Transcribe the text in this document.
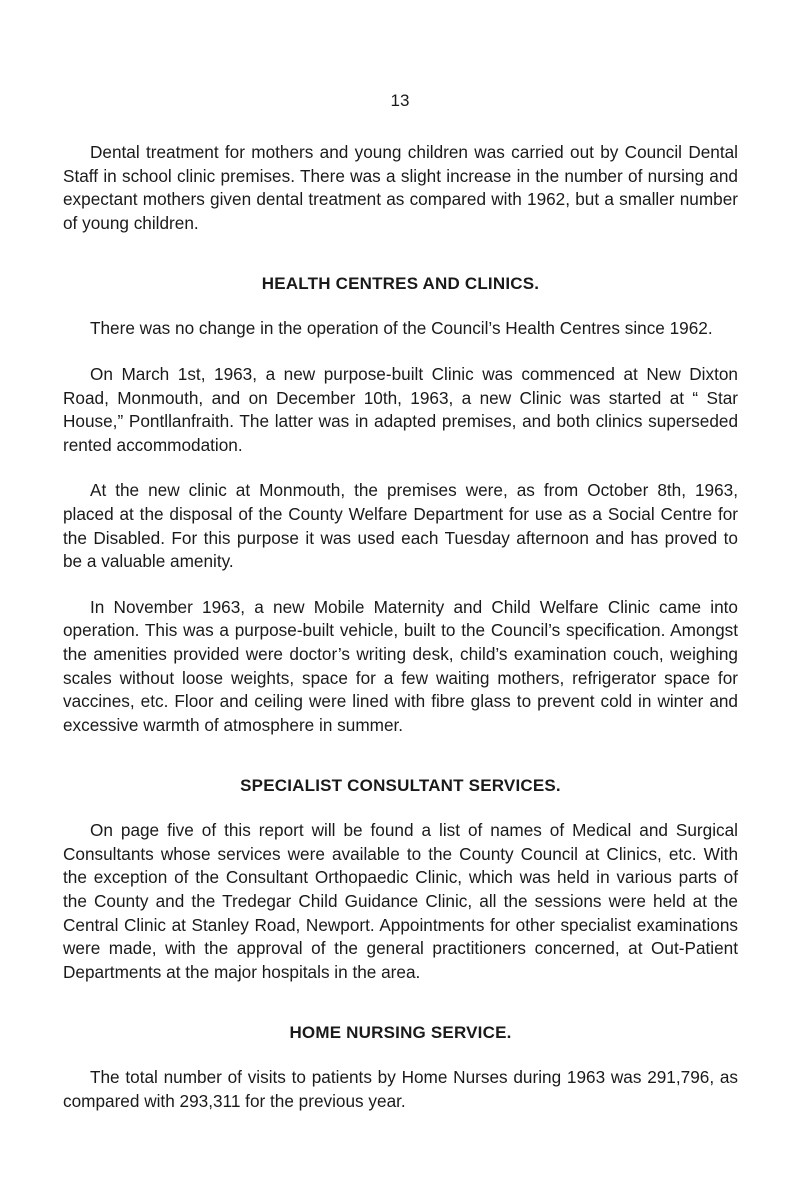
13

Dental treatment for mothers and young children was carried out by Council Dental Staff in school clinic premises. There was a slight increase in the number of nursing and expectant mothers given dental treatment as compared with 1962, but a smaller number of young children.

HEALTH CENTRES AND CLINICS.

There was no change in the operation of the Council’s Health Centres since 1962.

On March 1st, 1963, a new purpose-built Clinic was commenced at New Dixton Road, Monmouth, and on December 10th, 1963, a new Clinic was started at “ Star House,” Pontllanfraith. The latter was in adapted premises, and both clinics superseded rented accommodation.

At the new clinic at Monmouth, the premises were, as from October 8th, 1963, placed at the disposal of the County Welfare Department for use as a Social Centre for the Disabled. For this purpose it was used each Tuesday afternoon and has proved to be a valuable amenity.

In November 1963, a new Mobile Maternity and Child Welfare Clinic came into operation. This was a purpose-built vehicle, built to the Council’s specification. Amongst the amenities provided were doctor’s writing desk, child’s examination couch, weighing scales without loose weights, space for a few waiting mothers, refrigerator space for vaccines, etc. Floor and ceiling were lined with fibre glass to prevent cold in winter and excessive warmth of atmosphere in summer.

SPECIALIST CONSULTANT SERVICES.

On page five of this report will be found a list of names of Medical and Surgical Consultants whose services were available to the County Council at Clinics, etc. With the exception of the Consultant Orthopaedic Clinic, which was held in various parts of the County and the Tredegar Child Guidance Clinic, all the sessions were held at the Central Clinic at Stanley Road, Newport. Appointments for other specialist examinations were made, with the approval of the general practitioners concerned, at Out-Patient Departments at the major hospitals in the area.

HOME NURSING SERVICE.

The total number of visits to patients by Home Nurses during 1963 was 291,796, as compared with 293,311 for the previous year.
